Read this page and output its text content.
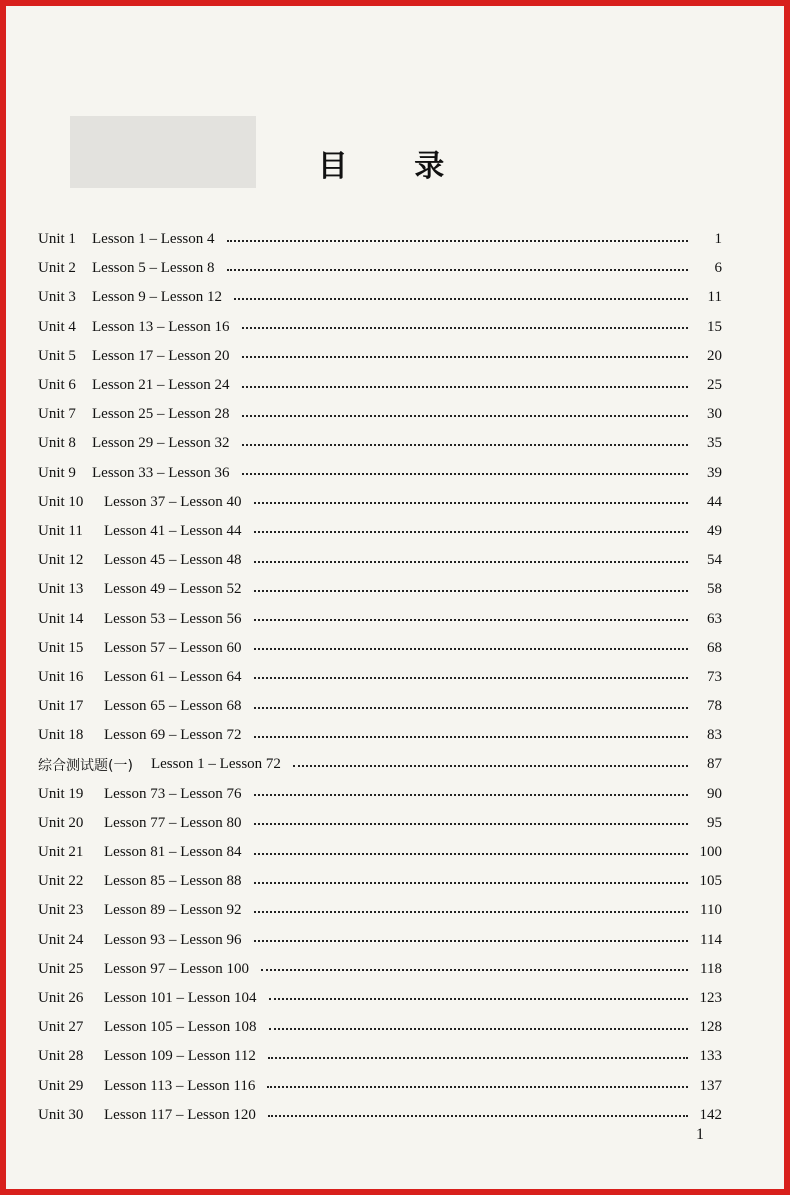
目 录
Unit 1	Lesson 1 – Lesson 4	1
Unit 2	Lesson 5 – Lesson 8	6
Unit 3	Lesson 9 – Lesson 12	11
Unit 4	Lesson 13 – Lesson 16	15
Unit 5	Lesson 17 – Lesson 20	20
Unit 6	Lesson 21 – Lesson 24	25
Unit 7	Lesson 25 – Lesson 28	30
Unit 8	Lesson 29 – Lesson 32	35
Unit 9	Lesson 33 – Lesson 36	39
Unit 10	Lesson 37 – Lesson 40	44
Unit 11	Lesson 41 – Lesson 44	49
Unit 12	Lesson 45 – Lesson 48	54
Unit 13	Lesson 49 – Lesson 52	58
Unit 14	Lesson 53 – Lesson 56	63
Unit 15	Lesson 57 – Lesson 60	68
Unit 16	Lesson 61 – Lesson 64	73
Unit 17	Lesson 65 – Lesson 68	78
Unit 18	Lesson 69 – Lesson 72	83
综合测试题(一) Lesson 1 – Lesson 72	87
Unit 19	Lesson 73 – Lesson 76	90
Unit 20	Lesson 77 – Lesson 80	95
Unit 21	Lesson 81 – Lesson 84	100
Unit 22	Lesson 85 – Lesson 88	105
Unit 23	Lesson 89 – Lesson 92	110
Unit 24	Lesson 93 – Lesson 96	114
Unit 25	Lesson 97 – Lesson 100	118
Unit 26	Lesson 101 – Lesson 104	123
Unit 27	Lesson 105 – Lesson 108	128
Unit 28	Lesson 109 – Lesson 112	133
Unit 29	Lesson 113 – Lesson 116	137
Unit 30	Lesson 117 – Lesson 120	142
1
